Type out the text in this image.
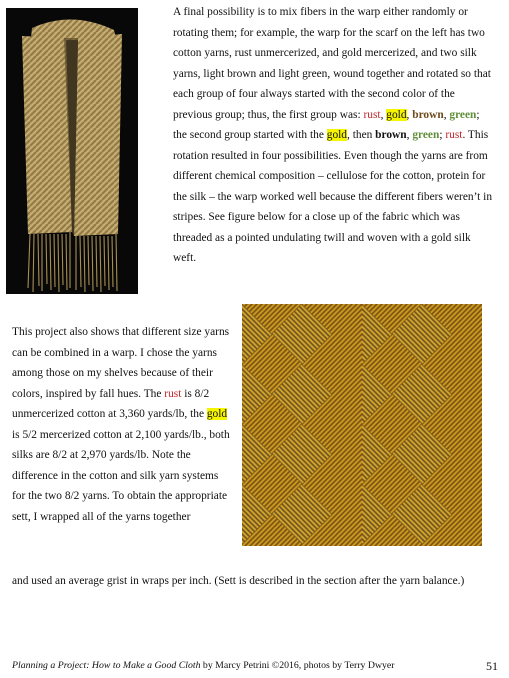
A final possibility is to mix fibers in the warp either randomly or rotating them; for example, the warp for the scarf on the left has two cotton yarns, rust unmercerized, and gold mercerized, and two silk yarns, light brown and light green, wound together and rotated so that each group of four always started with the second color of the previous group; thus, the first group was: rust, gold, brown, green; the second group started with the gold, then brown, green; rust. This rotation resulted in four possibilities. Even though the yarns are from different chemical composition – cellulose for the cotton, protein for the silk – the warp worked well because the different fibers weren’t in stripes. See figure below for a close up of the fabric which was threaded as a pointed undulating twill and woven with a gold silk weft.
This project also shows that different size yarns can be combined in a warp. I chose the yarns among those on my shelves because of their colors, inspired by fall hues. The rust is 8/2 unmercerized cotton at 3,360 yards/lb, the gold is 5/2 mercerized cotton at 2,100 yards/lb., both silks are 8/2 at 2,970 yards/lb. Note the difference in the cotton and silk yarn systems for the two 8/2 yarns. To obtain the appropriate sett, I wrapped all of the yarns together
and used an average grist in wraps per inch. (Sett is described in the section after the yarn balance.)
Planning a Project: How to Make a Good Cloth by Marcy Petrini ©2016, photos by Terry Dwyer	51
